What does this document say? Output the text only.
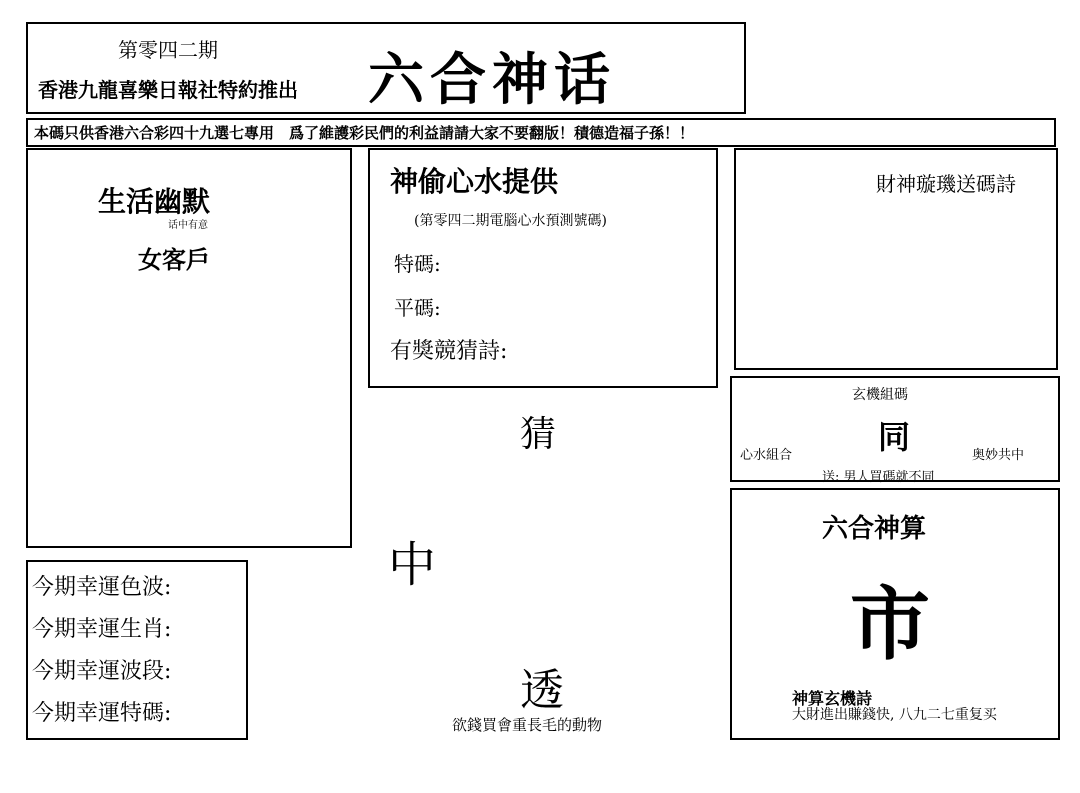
第零四二期
香港九龍喜樂日報社特約推出 六合神话
本碼只供香港六合彩四十九選七專用　爲了維護彩民們的利益請請大家不要翻版！積德造福子孫！！
生活幽默
话中有意
女客戶
神偷心水提供
(第零四二期電腦心水預測號碼)
特碼:
平碼:
有獎競猜詩:
財神璇璣送碼詩
玄機組碼
同
心水組合	奥妙共中
送: 男人買碼就不同
今期幸運色波:
今期幸運生肖:
今期幸運波段:
今期幸運特碼:
六合神算
市
神算玄機詩
大財進出賺錢快, 八九二七重复买
猜
中
透
欲錢買會重長毛的動物
